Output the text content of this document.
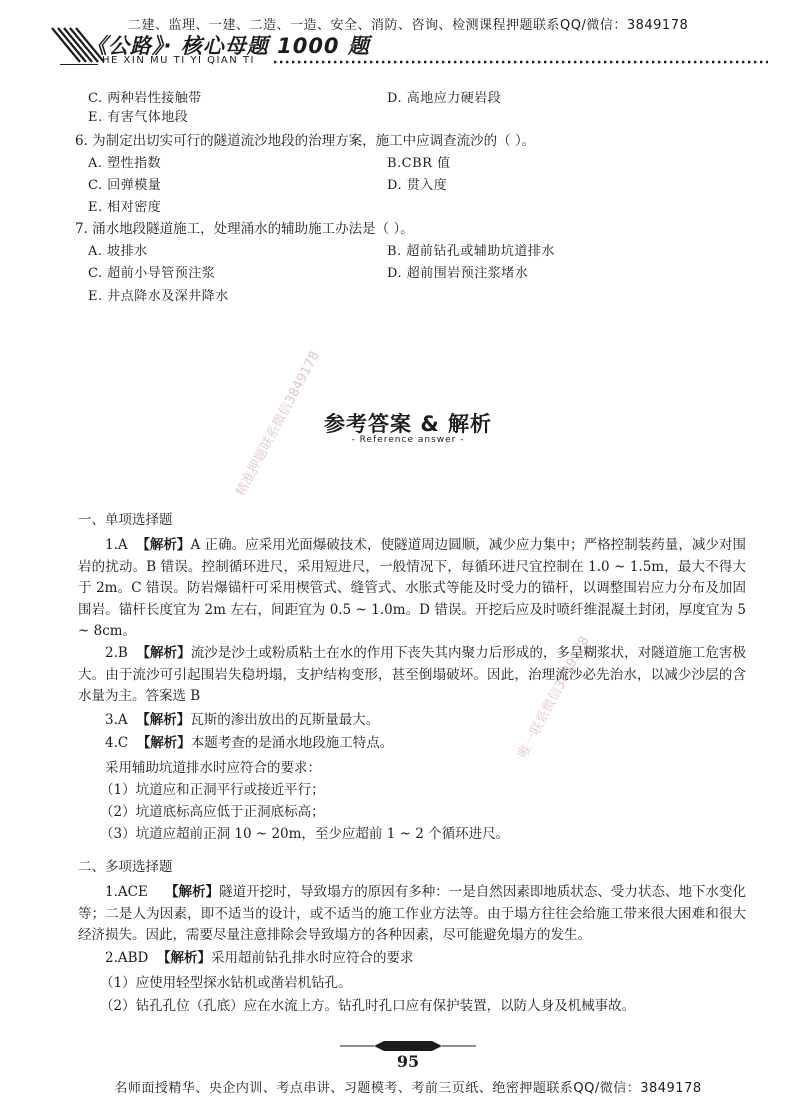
二建、监理、一建、二造、一造、安全、消防、咨询、检测课程押题联系QQ/微信：3849178
《公路》· 核心母题 1000 题
HE XIN MU TI YI QIAN TI
C. 两种岩性接触带	D. 高地应力硬岩段
E. 有害气体地段
6. 为制定出切实可行的隧道流沙地段的治理方案，施工中应调查流沙的（ ）。
A. 塑性指数	B.CBR 值
C. 回弹模量	D. 贯入度
E. 相对密度
7. 涌水地段隧道施工，处理涌水的辅助施工办法是（ ）。
A. 坡排水	B. 超前钻孔或辅助坑道排水
C. 超前小导管预注浆	D. 超前围岩预注浆堵水
E. 井点降水及深井降水
参考答案 & 解析
- Reference answer -
精准押题联系微信3849178
唯一联系微信3849178
一、单项选择题

1.A 【解析】A 正确。应采用光面爆破技术，使隧道周边圆顺，减少应力集中；严格控制装药量，减少对围岩的扰动。B 错误。控制循环进尺，采用短进尺，一般情况下，每循环进尺宜控制在 1.0 ~ 1.5m，最大不得大于 2m。C 错误。防岩爆锚杆可采用楔管式、缝管式、水胀式等能及时受力的锚杆，以调整围岩应力分布及加固围岩。锚杆长度宜为 2m 左右，间距宜为 0.5 ~ 1.0m。D 错误。开挖后应及时喷纤维混凝土封闭，厚度宜为 5 ~ 8cm。

2.B 【解析】流沙是沙土或粉质粘土在水的作用下丧失其内聚力后形成的，多呈糊浆状，对隧道施工危害极大。由于流沙可引起围岩失稳坍塌，支护结构变形，甚至倒塌破坏。因此，治理流沙必先治水，以减少沙层的含水量为主。答案选 B

3.A 【解析】瓦斯的渗出放出的瓦斯量最大。

4.C 【解析】本题考查的是涌水地段施工特点。

采用辅助坑道排水时应符合的要求：
（1）坑道应和正洞平行或接近平行；
（2）坑道底标高应低于正洞底标高；
（3）坑道应超前正洞 10 ~ 20m，至少应超前 1 ~ 2 个循环进尺。
二、多项选择题

1.ACE 【解析】隧道开挖时，导致塌方的原因有多种：一是自然因素即地质状态、受力状态、地下水变化等；二是人为因素，即不适当的设计，或不适当的施工作业方法等。由于塌方往往会给施工带来很大困难和很大经济损失。因此，需要尽量注意排除会导致塌方的各种因素，尽可能避免塌方的发生。

2.ABD 【解析】采用超前钻孔排水时应符合的要求

（1）应使用轻型探水钻机或凿岩机钻孔。
（2）钻孔孔位（孔底）应在水流上方。钻孔时孔口应有保护装置，以防人身及机械事故。
95
名师面授精华、央企内训、考点串讲、习题模考、考前三页纸、绝密押题联系QQ/微信：3849178
